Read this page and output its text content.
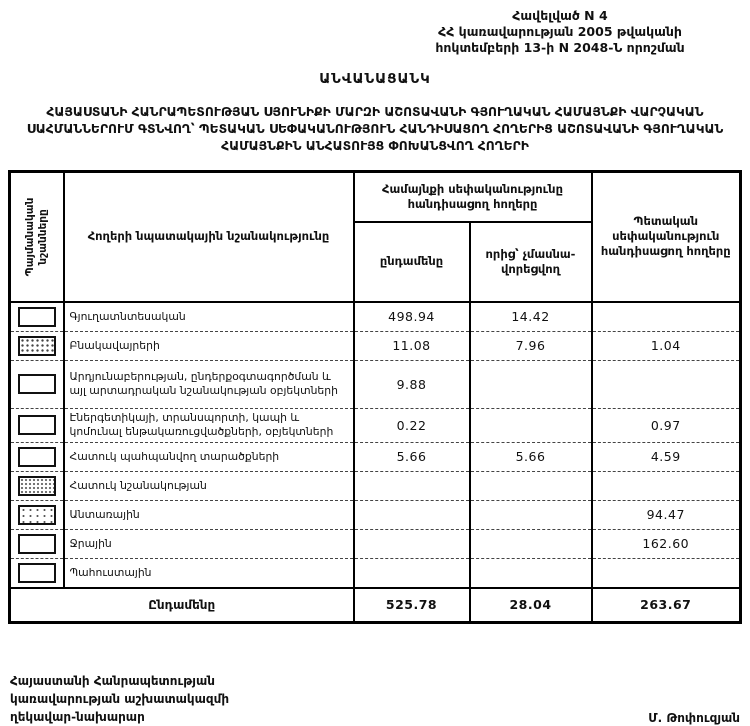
Հավելված N 4
ՀՀ կառավարության 2005 թվականի
հոկտեմբերի 13-ի N 2048-Ն որոշման
ԱՆՎԱՆԱՑԱՆԿ
ՀԱՅԱՍՏԱՆԻ ՀԱՆՐԱՊԵՏՈՒԹՅԱՆ ՍՅՈՒՆԻՔԻ ՄԱՐԶԻ ԱՇՈՏԱՎԱՆԻ ԳՅՈՒՂԱԿԱՆ ՀԱՄԱՅՆՔԻ ՎԱՐՉԱԿԱՆ ՍԱՀՄԱՆՆԵՐՈՒՄ ԳՏՆՎՈՂ՝ ՊԵՏԱԿԱՆ ՍԵՓԱԿԱՆՈՒԹՅՈՒՆ ՀԱՆԴԻՍԱՑՈՂ ՀՈՂԵՐԻՑ ԱՇՈՏԱՎԱՆԻ ԳՅՈՒՂԱԿԱՆ ՀԱՄԱՅՆՔԻՆ ԱՆՀԱՏՈՒՅՑ ՓՈԽԱՆՑՎՈՂ ՀՈՂԵՐԻ
Պայմանական նշանները	Հողերի նպատակային նշանակությունը	Համայնքի սեփականությունը հանդիսացող հողերը		Պետական սեփականություն հանդիսացող հողերը
		ընդամենը	որից՝ չմասնա-վորեցվող	

	Գյուղատնտեսական	498.94	14.42	

	Բնակավայրերի	11.08	7.96	1.04

	Արդյունաբերության, ընդերքօգտագործման և այլ արտադրական նշանակության օբյեկտների	9.88		

	Էներգետիկայի, տրանսպորտի, կապի և կոմունալ ենթակառուցվածքների, օբյեկտների	0.22		0.97

	Հատուկ պահպանվող տարածքների	5.66	5.66	4.59

	Հատուկ նշանակության			

	Անտառային			94.47

	Ջրային			162.60

	Պահուստային			
Ընդամենը		525.78	28.04	263.67
Հայաստանի Հանրապետության
կառավարության աշխատակազմի
ղեկավար-նախարար	Մ. Թոփուզյան
